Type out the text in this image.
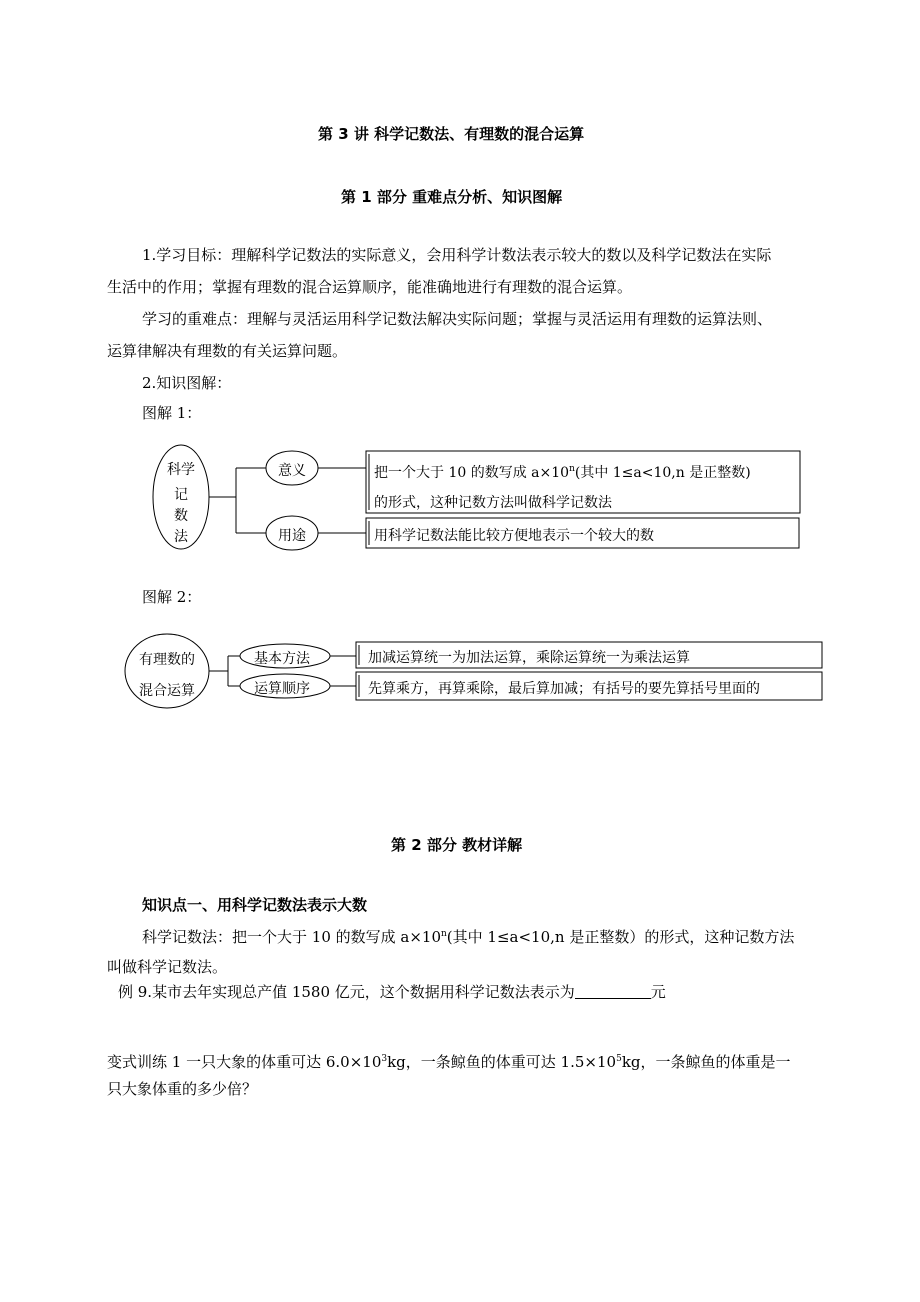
第 3 讲 科学记数法、有理数的混合运算
第 1 部分 重难点分析、知识图解
1.学习目标：理解科学记数法的实际意义，会用科学计数法表示较大的数以及科学记数法在实际
生活中的作用；掌握有理数的混合运算顺序，能准确地进行有理数的混合运算。
学习的重难点：理解与灵活运用科学记数法解决实际问题；掌握与灵活运用有理数的运算法则、
运算律解决有理数的有关运算问题。
2.知识图解：
图解 1：
科学
记
数
法
意义
用途
把一个大于 10 的数写成 $a\times 10^n$(其中 1≤a<10,n 是正整数)
的形式，这种记数方法叫做科学记数法
用科学记数法能比较方便地表示一个较大的数
图解 2：
有理数的
混合运算
基本方法
运算顺序
加减运算统一为加法运算，乘除运算统一为乘法运算
先算乘方，再算乘除，最后算加减；有括号的要先算括号里面的
第 2 部分 教材详解
知识点一、用科学记数法表示大数
科学记数法：把一个大于 10 的数写成 $a\times 10^n$(其中 1≤a<10,n 是正整数）的形式，这种记数方法
叫做科学记数法。
例 9.某市去年实现总产值 1580 亿元，这个数据用科学记数法表示为	元
变式训练 1 一只大象的体重可达 $6.0\times 10^3kg$，一条鲸鱼的体重可达 $1.5\times 10^5kg$，一条鲸鱼的体重是一
只大象体重的多少倍？
